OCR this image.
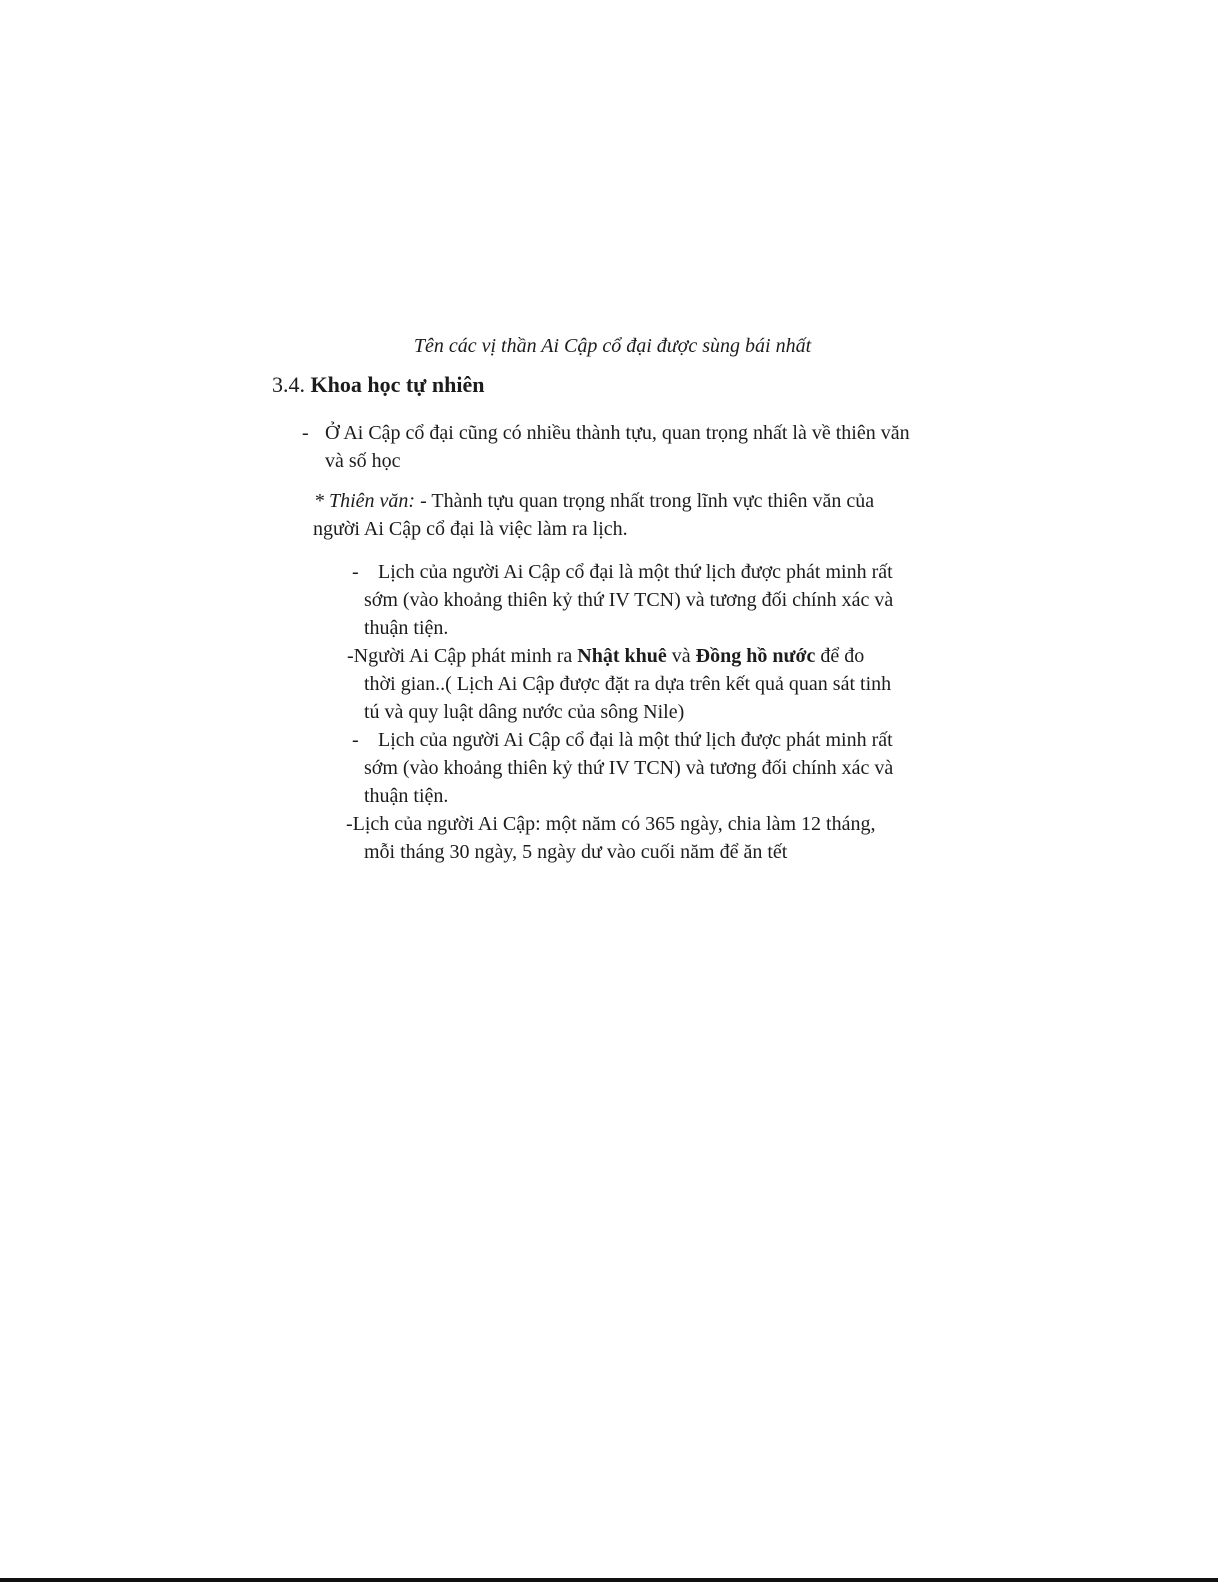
Tên các vị thần Ai Cập cổ đại được sùng bái nhất
3.4. Khoa học tự nhiên
- Ở Ai Cập cổ đại cũng có nhiều thành tựu, quan trọng nhất là về thiên văn
và số học
* Thiên văn: - Thành tựu quan trọng nhất trong lĩnh vực thiên văn của
người Ai Cập cổ đại là việc làm ra lịch.
- Lịch của người Ai Cập cổ đại là một thứ lịch được phát minh rất
sớm (vào khoảng thiên kỷ thứ IV TCN) và tương đối chính xác và
thuận tiện.
-Người Ai Cập phát minh ra Nhật khuê và Đồng hồ nước để đo
thời gian..( Lịch Ai Cập được đặt ra dựa trên kết quả quan sát tinh
tú và quy luật dâng nước của sông Nile)
- Lịch của người Ai Cập cổ đại là một thứ lịch được phát minh rất
sớm (vào khoảng thiên kỷ thứ IV TCN) và tương đối chính xác và
thuận tiện.
-Lịch của người Ai Cập: một năm có 365 ngày, chia làm 12 tháng,
mỗi tháng 30 ngày, 5 ngày dư vào cuối năm để ăn tết
